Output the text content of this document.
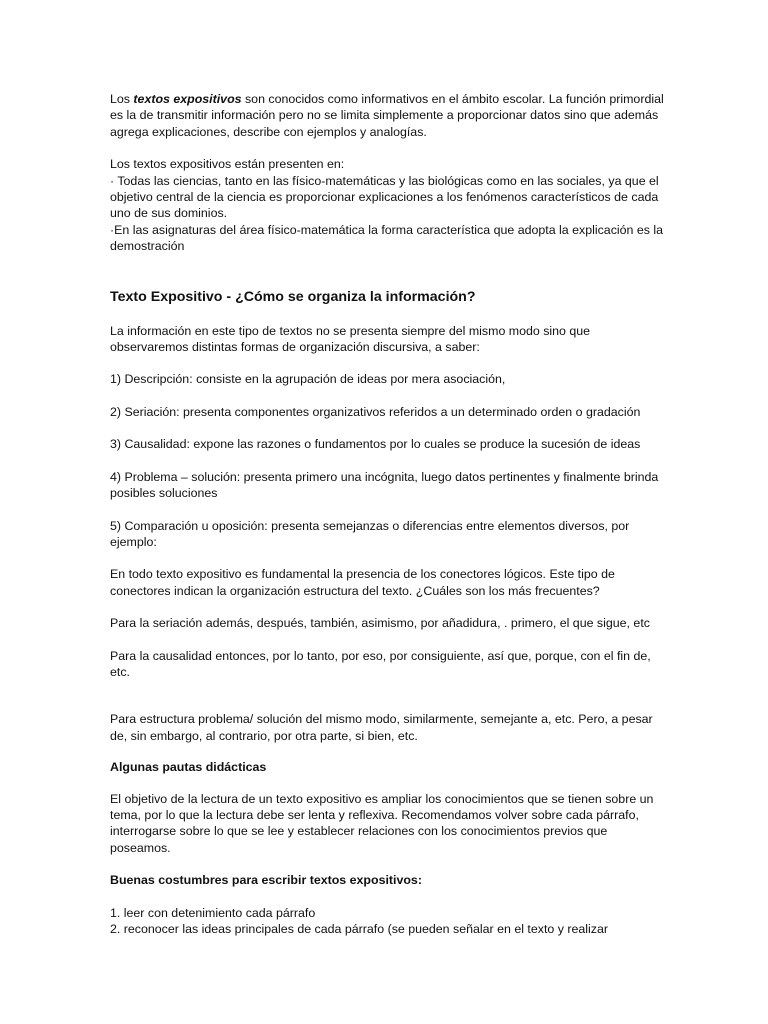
Los textos expositivos son conocidos como informativos en el ámbito escolar. La función primordial es la de transmitir información pero no se limita simplemente a proporcionar datos sino que además agrega explicaciones, describe con ejemplos y analogías.

Los textos expositivos están presenten en:

· Todas las ciencias, tanto en las físico-matemáticas y las biológicas como en las sociales, ya que el objetivo central de la ciencia es proporcionar explicaciones a los fenómenos característicos de cada uno de sus dominios.

·En las asignaturas del área físico-matemática la forma característica que adopta la explicación es la demostración

Texto Expositivo - ¿Cómo se organiza la información?

La información en este tipo de textos no se presenta siempre del mismo modo sino que observaremos distintas formas de organización discursiva, a saber:

1) Descripción: consiste en la agrupación de ideas por mera asociación,

2) Seriación: presenta componentes organizativos referidos a un determinado orden o gradación

3) Causalidad: expone las razones o fundamentos por lo cuales se produce la sucesión de ideas

4) Problema – solución: presenta primero una incógnita, luego datos pertinentes y finalmente brinda posibles soluciones

5) Comparación u oposición: presenta semejanzas o diferencias entre elementos diversos, por ejemplo:

En todo texto expositivo es fundamental la presencia de los conectores lógicos. Este tipo de conectores indican la organización estructura del texto. ¿Cuáles son los más frecuentes?

Para la seriación además, después, también, asimismo, por añadidura, . primero, el que sigue, etc

Para la causalidad entonces, por lo tanto, por eso, por consiguiente, así que, porque, con el fin de, etc.

Para estructura problema/ solución del mismo modo, similarmente, semejante a, etc. Pero, a pesar de, sin embargo, al contrario, por otra parte, si bien, etc.

Algunas pautas didácticas

El objetivo de la lectura de un texto expositivo es ampliar los conocimientos que se tienen sobre un tema, por lo que la lectura debe ser lenta y reflexiva. Recomendamos volver sobre cada párrafo, interrogarse sobre lo que se lee y establecer relaciones con los conocimientos previos que poseamos.

Buenas costumbres para escribir textos expositivos:

1. leer con detenimiento cada párrafo

2. reconocer las ideas principales de cada párrafo (se pueden señalar en el texto y realizar
